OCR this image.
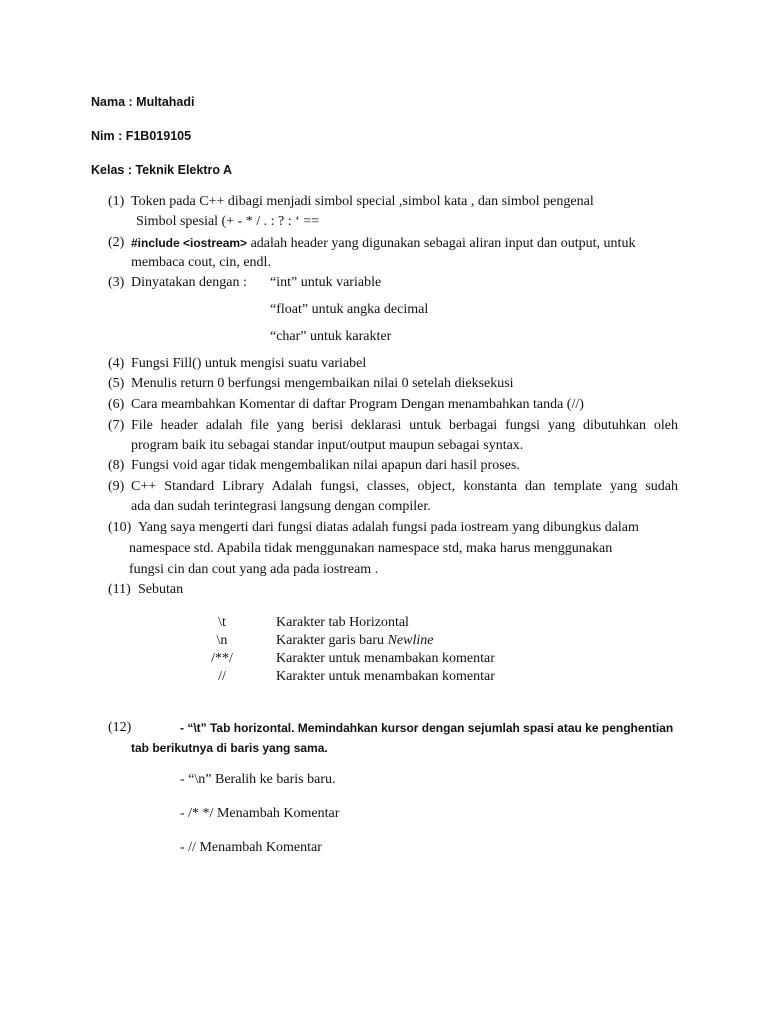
Nama : Multahadi
Nim : F1B019105
Kelas : Teknik Elektro A
(1) Token pada C++ dibagi menjadi simbol special ,simbol kata , dan simbol pengenal
Simbol spesial (+ - * / . : ? : ‘ ==
(2) #include <iostream> adalah header yang digunakan sebagai aliran input dan output, untuk
membaca cout, cin, endl.
(3) Dinyatakan dengan : “int” untuk variable
“float” untuk angka decimal
“char” untuk karakter
(4) Fungsi Fill() untuk mengisi suatu variabel
(5) Menulis return 0 berfungsi mengembaikan nilai 0 setelah dieksekusi
(6) Cara meambahkan Komentar di daftar Program Dengan menambahkan tanda (//)
(7) File header adalah file yang berisi deklarasi untuk berbagai fungsi yang dibutuhkan oleh
program baik itu sebagai standar input/output maupun sebagai syntax.
(8) Fungsi void agar tidak mengembalikan nilai apapun dari hasil proses.
(9) C++ Standard Library Adalah fungsi, classes, object, konstanta dan template yang sudah
ada dan sudah terintegrasi langsung dengan compiler.
(10) Yang saya mengerti dari fungsi diatas adalah fungsi pada iostream yang dibungkus dalam
namespace std. Apabila tidak menggunakan namespace std, maka harus menggunakan
fungsi cin dan cout yang ada pada iostream .
(11) Sebutan
\t	Karakter tab Horizontal
\n	Karakter garis baru Newline
/**/	Karakter untuk menambakan komentar
//	Karakter untuk menambakan komentar
(12)	- “\t” Tab horizontal. Memindahkan kursor dengan sejumlah spasi atau ke penghentian
tab berikutnya di baris yang sama.
- “\n” Beralih ke baris baru.
- /* */ Menambah Komentar
- // Menambah Komentar
